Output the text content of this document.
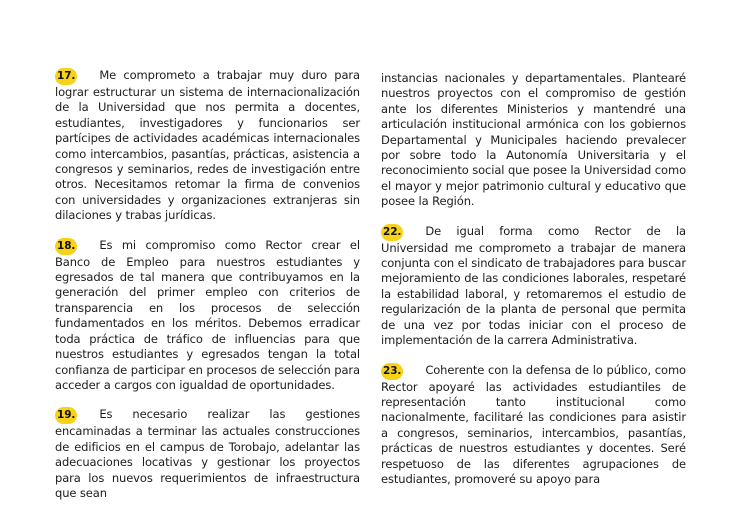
17. Me comprometo a trabajar muy duro para lograr estructurar un sistema de internacionalización de la Universidad que nos permita a docentes, estudiantes, investigadores y funcionarios ser partícipes de actividades académicas internacionales como intercambios, pasantías, prácticas, asistencia a congresos y seminarios, redes de investigación entre otros. Necesitamos retomar la firma de convenios con universidades y organizaciones extranjeras sin dilaciones y trabas jurídicas.

18. Es mi compromiso como Rector crear el Banco de Empleo para nuestros estudiantes y egresados de tal manera que contribuyamos en la generación del primer empleo con criterios de transparencia en los procesos de selección fundamentados en los méritos. Debemos erradicar toda práctica de tráfico de influencias para que nuestros estudiantes y egresados tengan la total confianza de participar en procesos de selección para acceder a cargos con igualdad de oportunidades.

19. Es necesario realizar las gestiones encaminadas a terminar las actuales construcciones de edificios en el campus de Torobajo, adelantar las adecuaciones locativas y gestionar los proyectos para los nuevos requerimientos de infraestructura que sean

instancias nacionales y departamentales. Plantearé nuestros proyectos con el compromiso de gestión ante los diferentes Ministerios y mantendré una articulación institucional armónica con los gobiernos Departamental y Municipales haciendo prevalecer por sobre todo la Autonomía Universitaria y el reconocimiento social que posee la Universidad como el mayor y mejor patrimonio cultural y educativo que posee la Región.

22. De igual forma como Rector de la Universidad me comprometo a trabajar de manera conjunta con el sindicato de trabajadores para buscar mejoramiento de las condiciones laborales, respetaré la estabilidad laboral, y retomaremos el estudio de regularización de la planta de personal que permita de una vez por todas iniciar con el proceso de implementación de la carrera Administrativa.

23. Coherente con la defensa de lo público, como Rector apoyaré las actividades estudiantiles de representación tanto institucional como nacionalmente, facilitaré las condiciones para asistir a congresos, seminarios, intercambios, pasantías, prácticas de nuestros estudiantes y docentes. Seré respetuoso de las diferentes agrupaciones de estudiantes, promoveré su apoyo para
